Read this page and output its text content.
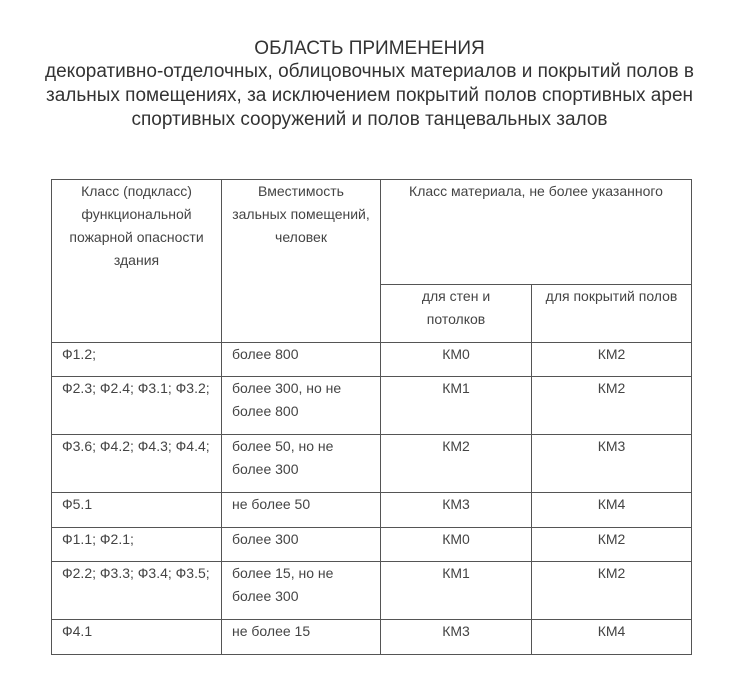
ОБЛАСТЬ ПРИМЕНЕНИЯ
декоративно-отделочных, облицовочных материалов и покрытий полов в зальных помещениях, за исключением покрытий полов спортивных арен спортивных сооружений и полов танцевальных залов
Класс (подкласс) функциональной пожарной опасности здания	Вместимость зальных помещений, человек	Класс материала, не более указанного	
		для стен и потолков	для покрытий полов
Ф1.2;	более 800	КМ0	КМ2
Ф2.3; Ф2.4; Ф3.1; Ф3.2;	более 300, но не более 800	КМ1	КМ2
Ф3.6; Ф4.2; Ф4.3; Ф4.4;	более 50, но не более 300	КМ2	КМ3
Ф5.1	не более 50	КМ3	КМ4
Ф1.1; Ф2.1;	более 300	КМ0	КМ2
Ф2.2; Ф3.3; Ф3.4; Ф3.5;	более 15, но не более 300	КМ1	КМ2
Ф4.1	не более 15	КМ3	КМ4
